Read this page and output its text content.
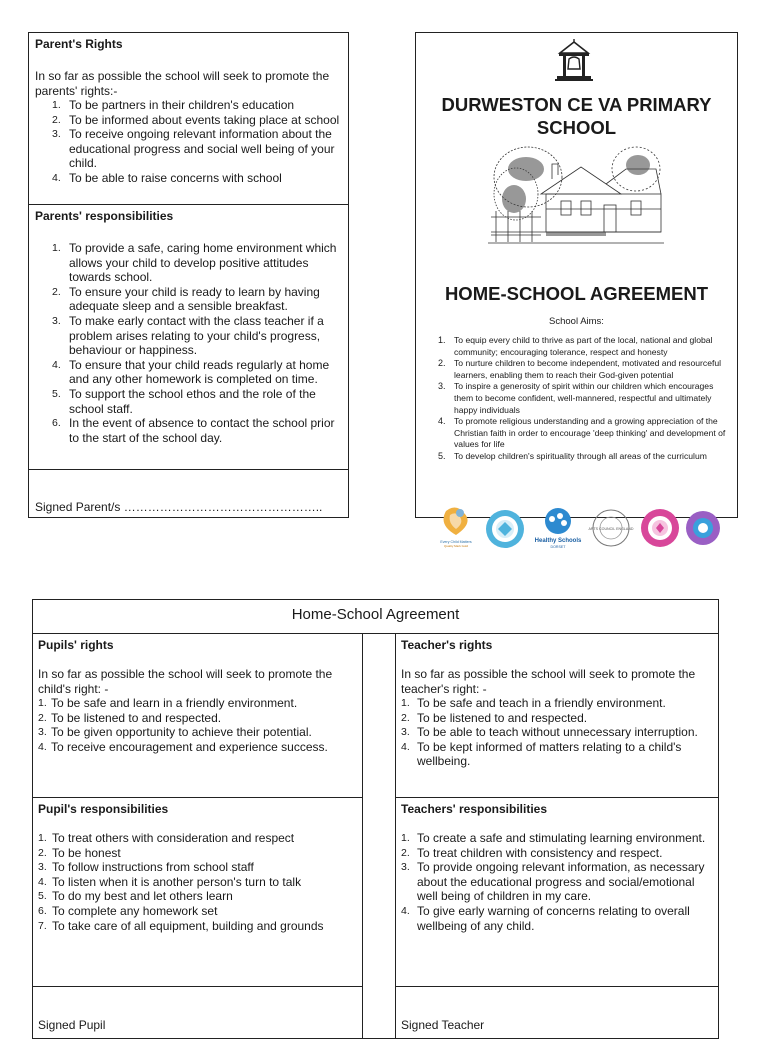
Parent's Rights
In so far as possible the school will seek to promote the parents' rights:-
1. To be partners in their children's education
2. To be informed about events taking place at school
3. To receive ongoing relevant information about the educational progress and social well being of your child.
4. To be able to raise concerns with school
Parents' responsibilities
1. To provide a safe, caring home environment which allows your child to develop positive attitudes towards school.
2. To ensure your child is ready to learn by having adequate sleep and a sensible breakfast.
3. To make early contact with the class teacher if a problem arises relating to your child's progress, behaviour or happiness.
4. To ensure that your child reads regularly at home and any other homework is completed on time.
5. To support the school ethos and the role of the school staff.
6. In the event of absence to contact the school prior to the start of the school day.
Signed Parent/s …………………………………………..
DURWESTON CE VA PRIMARY
SCHOOL
HOME-SCHOOL AGREEMENT
School Aims:
1. To equip every child to thrive as part of the local, national and global community; encouraging tolerance, respect and honesty
2. To nurture children to become independent, motivated and resourceful learners, enabling them to reach their God-given potential
3. To inspire a generosity of spirit within our children which encourages them to become confident, well-mannered, respectful and ultimately happy individuals
4. To promote religious understanding and a growing appreciation of the Christian faith in order to encourage 'deep thinking' and development of values for life
5. To develop children's spirituality through all areas of the curriculum
Every Child Matters
Quality Mark Gold
Healthy Schools
DORSET
ARTS COUNCIL ENGLAND
Home-School Agreement
Pupils' rights
In so far as possible the school will seek to promote the child's right: -
1. To be safe and learn in a friendly environment.
2. To be listened to and respected.
3. To be given opportunity to achieve their potential.
4. To receive encouragement and experience success.
Teacher's rights
In so far as possible the school will seek to promote the teacher's right: -
1. To be safe and teach in a friendly environment.
2. To be listened to and respected.
3. To be able to teach without unnecessary interruption.
4. To be kept informed of matters relating to a child's wellbeing.
Pupil's responsibilities
1. To treat others with consideration and respect
2. To be honest
3. To follow instructions from school staff
4. To listen when it is another person's turn to talk
5. To do my best and let others learn
6. To complete any homework set
7. To take care of all equipment, building and grounds
Teachers' responsibilities
1. To create a safe and stimulating learning environment.
2. To treat children with consistency and respect.
3. To provide ongoing relevant information, as necessary about the educational progress and social/emotional well being of children in my care.
4. To give early warning of concerns relating to overall wellbeing of any child.
Signed Pupil	Signed Teacher
